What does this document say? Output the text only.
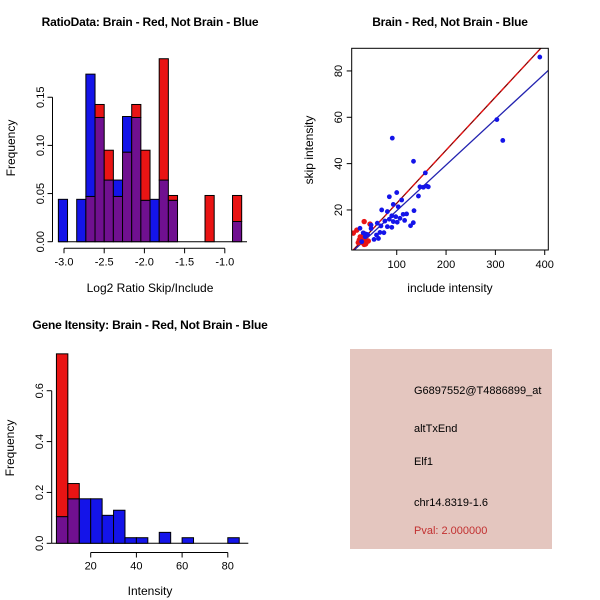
RatioData: Brain - Red, Not Brain - Blue
Frequency
0.00
0.05
0.10
0.15
-3.0 -2.5 -2.0 -1.5 -1.0
Log2 Ratio Skip/Include
Brain - Red, Not Brain - Blue
skip intensity
20
40
60
80
100	200	300	400
include intensity
Gene Itensity: Brain - Red, Not Brain - Blue
Frequency
0.0
0.2
0.4
0.6
20	40	60	80
Intensity
G6897552@T4886899_at
altTxEnd
Elf1
chr14.8319-1.6
Pval: 2.000000
